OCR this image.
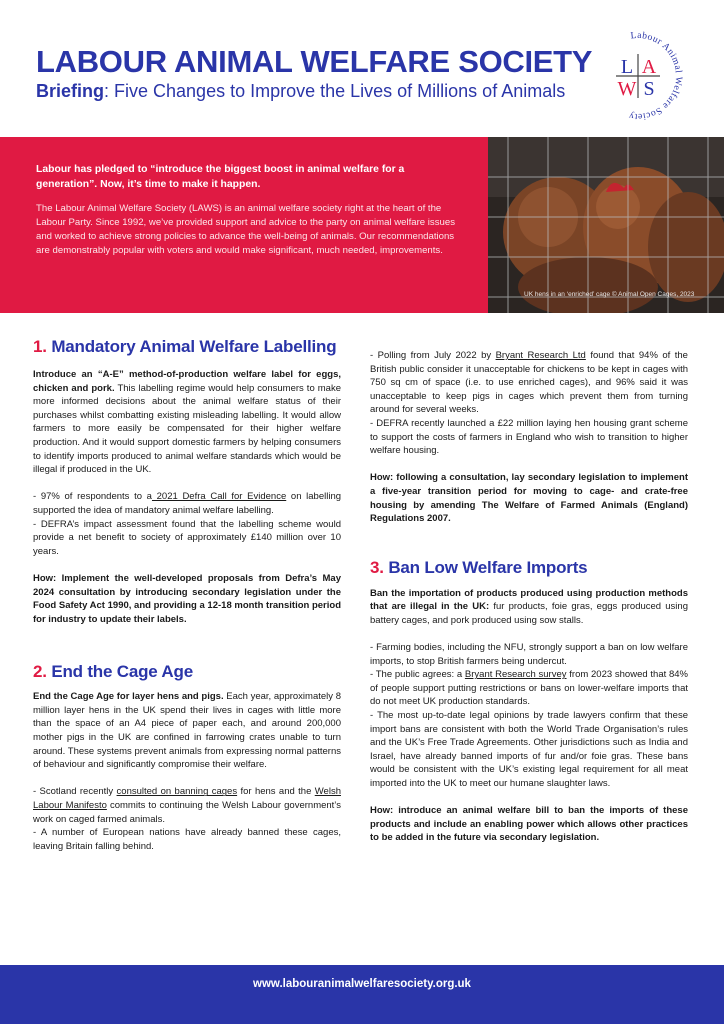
LABOUR ANIMAL WELFARE SOCIETY
Briefing: Five Changes to Improve the Lives of Millions of Animals
Labour Animal Welfare Society
L A
W S

Labour has pledged to “introduce the biggest boost in animal welfare for a generation”. Now, it’s time to make it happen.

The Labour Animal Welfare Society (LAWS) is an animal welfare society right at the heart of the Labour Party. Since 1992, we’ve provided support and advice to the party on animal welfare issues and worked to achieve strong policies to advance the well-being of animals. Our recommendations are demonstrably popular with voters and would make significant, much needed, improvements.

UK hens in an ‘enriched’ cage © Animal Open Cages, 2023
1. Mandatory Animal Welfare Labelling

Introduce an “A-E” method-of-production welfare label for eggs, chicken and pork. This labelling regime would help consumers to make more informed decisions about the animal welfare status of their purchases whilst combatting existing misleading labelling. It would allow farmers to more easily be compensated for their higher welfare production. And it would support domestic farmers by helping consumers to identify imports produced to animal welfare standards which would be illegal if produced in the UK.

- 97% of respondents to a 2021 Defra Call for Evidence on labelling supported the idea of mandatory animal welfare labelling.

- DEFRA’s impact assessment found that the labelling scheme would provide a net benefit to society of approximately £140 million over 10 years.

How: Implement the well-developed proposals from Defra’s May 2024 consultation by introducing secondary legislation under the Food Safety Act 1990, and providing a 12-18 month transition period for industry to update their labels.

2. End the Cage Age

End the Cage Age for layer hens and pigs. Each year, approximately 8 million layer hens in the UK spend their lives in cages with little more than the space of an A4 piece of paper each, and around 200,000 mother pigs in the UK are confined in farrowing crates unable to turn around. These systems prevent animals from expressing normal patterns of behaviour and significantly compromise their welfare.

- Scotland recently consulted on banning cages for hens and the Welsh Labour Manifesto commits to continuing the Welsh Labour government’s work on caged farmed animals.

- A number of European nations have already banned these cages, leaving Britain falling behind.

- Polling from July 2022 by Bryant Research Ltd found that 94% of the British public consider it unacceptable for chickens to be kept in cages with 750 sq cm of space (i.e. to use enriched cages), and 96% said it was unacceptable to keep pigs in cages which prevent them from turning around for several weeks.

- DEFRA recently launched a £22 million laying hen housing grant scheme to support the costs of farmers in England who wish to transition to higher welfare housing.

How: following a consultation, lay secondary legislation to implement a five-year transition period for moving to cage- and crate-free housing by amending The Welfare of Farmed Animals (England) Regulations 2007.

3. Ban Low Welfare Imports

Ban the importation of products produced using production methods that are illegal in the UK: fur products, foie gras, eggs produced using battery cages, and pork produced using sow stalls.

- Farming bodies, including the NFU, strongly support a ban on low welfare imports, to stop British farmers being undercut.

- The public agrees: a Bryant Research survey from 2023 showed that 84% of people support putting restrictions or bans on lower-welfare imports that do not meet UK production standards.

- The most up-to-date legal opinions by trade lawyers confirm that these import bans are consistent with both the World Trade Organisation’s rules and the UK’s Free Trade Agreements. Other jurisdictions such as India and Israel, have already banned imports of fur and/or foie gras. These bans would be consistent with the UK’s existing legal requirement for all meat imported into the UK to meet our humane slaughter laws.

How: introduce an animal welfare bill to ban the imports of these products and include an enabling power which allows other practices to be added in the future via secondary legislation.

www.labouranimalwelfaresociety.org.uk
